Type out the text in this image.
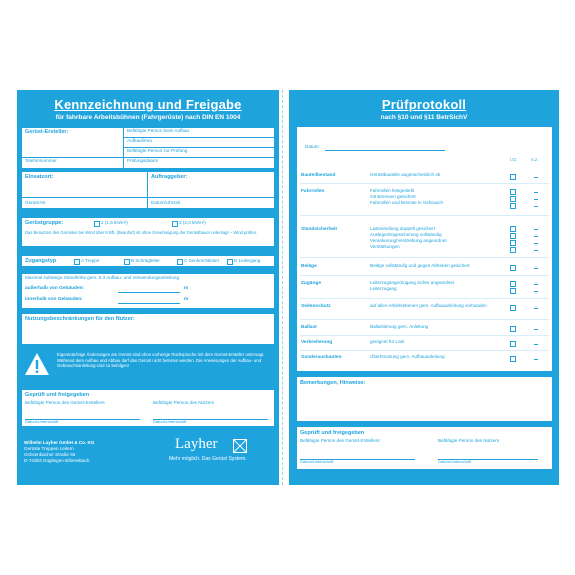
Kennzeichnung und Freigabe
für fahrbare Arbeitsbühnen (Fahrgerüste) nach DIN EN 1004
Gerüst-Ersteller:	Befähigte Person beim Aufbau
Aufbaufirma
Befähigte Person zur Prüfung
Telefonnummer	Prüfungsdatum
Einsatzort:	Auftraggeber:
Gerüst-Nr.	Datum/Uhrzeit
Gerüstgruppe:	2 (1,5 kN/m²)	3 (2,0 kN/m²)
Das Benutzen des Gerüstes bei Wind über 6 Bft. (Beaufort) ist ohne Genehmigung der Gerüstbauer untersagt – Wind prüfen.
Zugangstyp	A Treppe	B Schrägleiter	C Senkrechtleiter	D Leitergang
Maximal zulässige Standhöhe gem. 5.3 Aufbau- und Verwendungsanleitung
außerhalb von Gebäuden:	m
innerhalb von Gebäuden:	m
Nutzungsbeschränkungen für den Nutzer:
Eigenmächtige Änderungen am Gerüst sind ohne vorherige Rücksprache mit dem Gerüst-Ersteller untersagt. Während dem Aufbau und Abbau darf das Gerüst nicht betreten werden. Die Anweisungen der Aufbau- und Gebrauchsanleitung sind zu befolgen!
Geprüft und freigegeben
Befähigte Person des Gerüst-Erstellers	Befähigte Person des Nutzers
Datum/Unterschrift	Datum/Unterschrift
Wilhelm Layher GmbH & Co. KG
Gerüste Treppen Leitern
Ochsenbacher Straße 56
D-74363 Güglingen-Eibensbach
Layher
Mehr möglich. Das Gerüst System.
Prüfprotokoll
nach §10 und §11 BetrSichV
Datum:
i.O.	n.z.
Bauteilbestand	Gerüstbauteile augenscheinlich ok
Fahrrollen	Fahrrollen festgestellt
mit Bremsen gesichert
Fahrrollen und Bremse in Gebrauch
Standsicherheit	Lastverteilung doppelt gesichert
Ausleger/Kippsicherung vollständig
Verankerung/Verstrebung angeordnet
Verstärkungen
Beläge	Beläge vollständig und gegen Abheben gesichert
Zugänge	Leiterzugänge/Zugang sicher angeordnet
Leiterzugang
Seitenschutz	auf allen Arbeitsebenen gem. Aufbauanleitung vorhanden
Ballast	Ballastierung gem. Anleitung
Verbreiterung	geeignet für Last
Sonderausbauten	Überbrückung gem. Aufbauanleitung
Bemerkungen, Hinweise:
Geprüft und freigegeben
Befähigte Person des Gerüst-Erstellers	Befähigte Person des Nutzers
Datum/Unterschrift	Datum/Unterschrift
